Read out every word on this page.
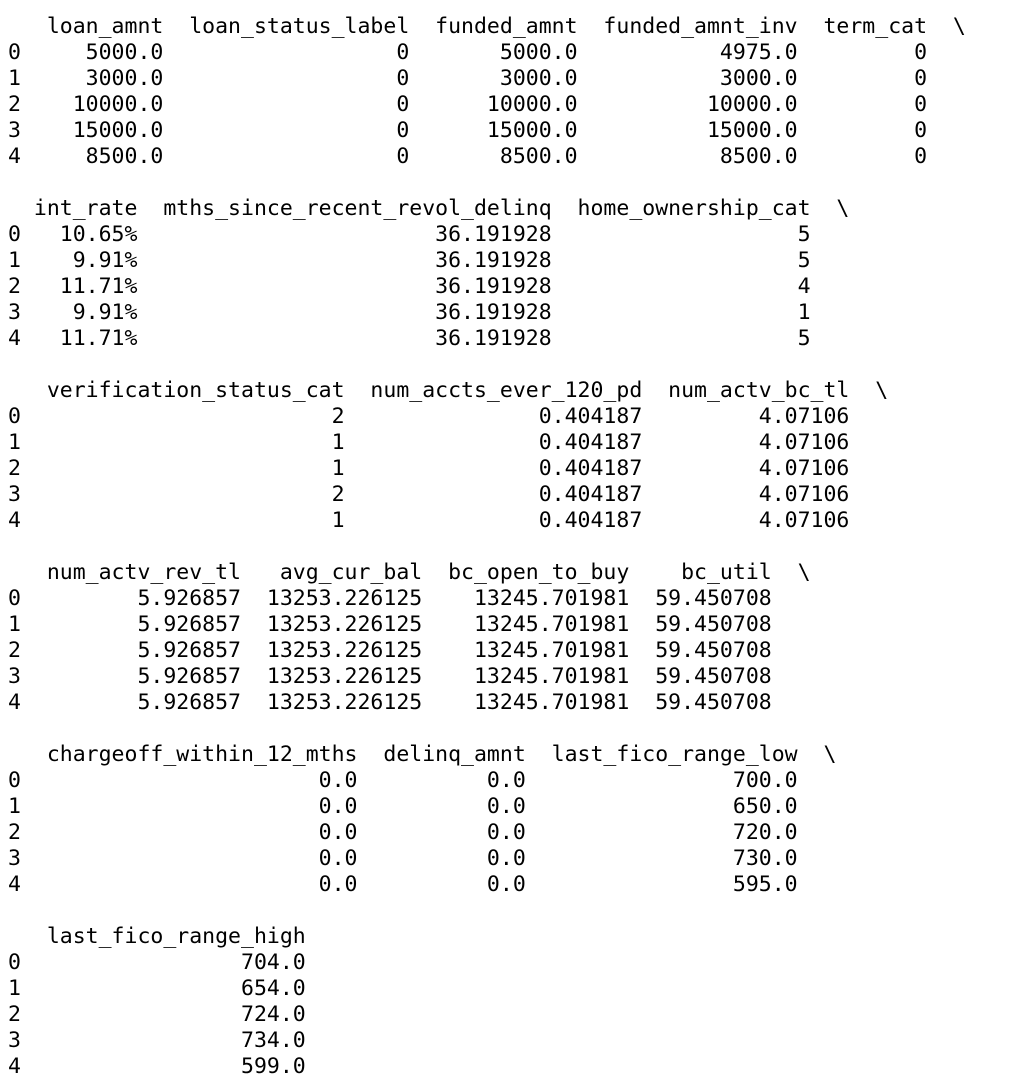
loan_amnt  loan_status_label  funded_amnt  funded_amnt_inv  term_cat  \
0     5000.0                  0       5000.0           4975.0         0
1     3000.0                  0       3000.0           3000.0         0
2    10000.0                  0      10000.0          10000.0         0
3    15000.0                  0      15000.0          15000.0         0
4     8500.0                  0       8500.0           8500.0         0
int_rate  mths_since_recent_revol_delinq  home_ownership_cat  \
0   10.65%                       36.191928                   5
1    9.91%                       36.191928                   5
2   11.71%                       36.191928                   4
3    9.91%                       36.191928                   1
4   11.71%                       36.191928                   5
verification_status_cat  num_accts_ever_120_pd  num_actv_bc_tl  \
0                        2               0.404187         4.07106
1                        1               0.404187         4.07106
2                        1               0.404187         4.07106
3                        2               0.404187         4.07106
4                        1               0.404187         4.07106
num_actv_rev_tl   avg_cur_bal  bc_open_to_buy    bc_util  \
0         5.926857  13253.226125    13245.701981  59.450708
1         5.926857  13253.226125    13245.701981  59.450708
2         5.926857  13253.226125    13245.701981  59.450708
3         5.926857  13253.226125    13245.701981  59.450708
4         5.926857  13253.226125    13245.701981  59.450708
chargeoff_within_12_mths  delinq_amnt  last_fico_range_low  \
0                       0.0          0.0                700.0
1                       0.0          0.0                650.0
2                       0.0          0.0                720.0
3                       0.0          0.0                730.0
4                       0.0          0.0                595.0
last_fico_range_high
0                 704.0
1                 654.0
2                 724.0
3                 734.0
4                 599.0
